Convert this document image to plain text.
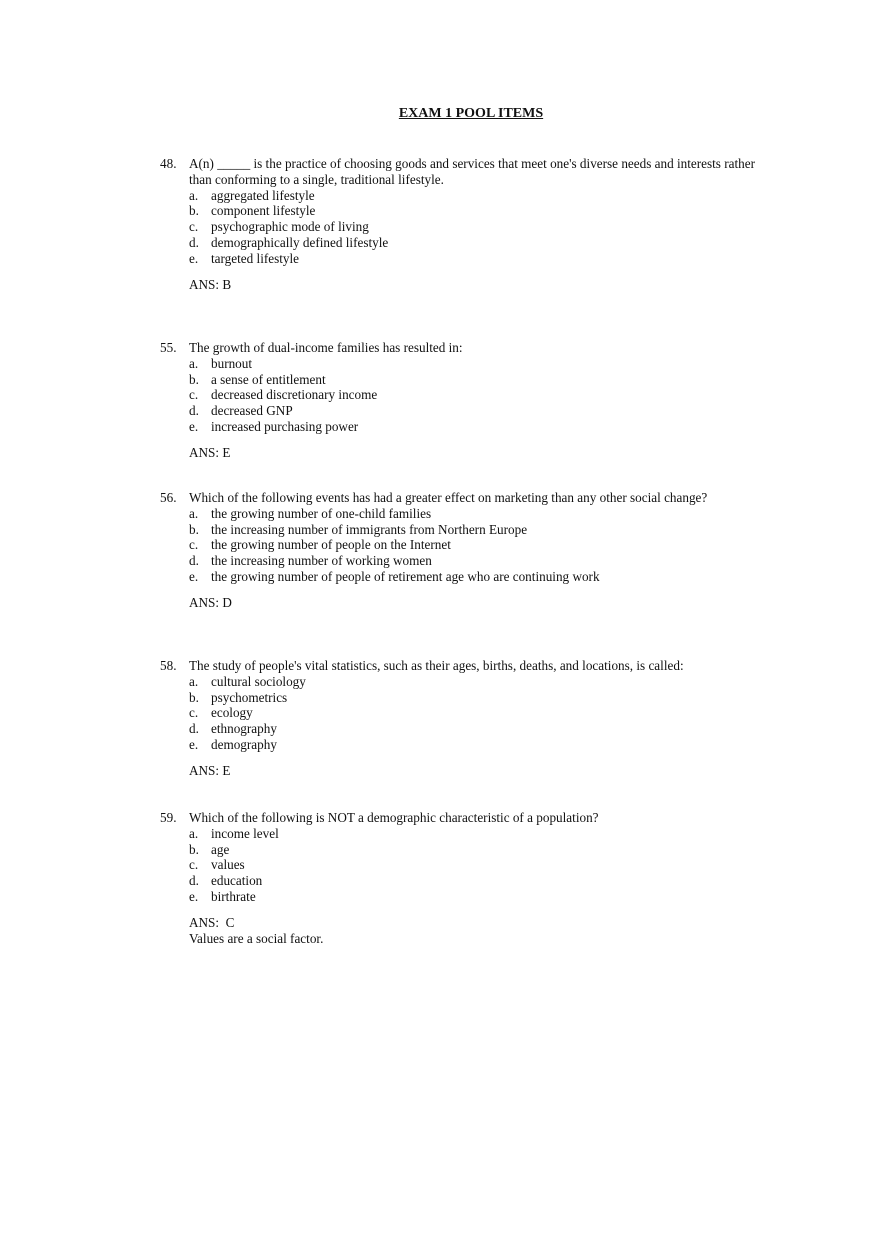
EXAM 1 POOL ITEMS
48. A(n) _____ is the practice of choosing goods and services that meet one's diverse needs and interests rather than conforming to a single, traditional lifestyle.
a. aggregated lifestyle
b. component lifestyle
c. psychographic mode of living
d. demographically defined lifestyle
e. targeted lifestyle
ANS: B
55. The growth of dual-income families has resulted in:
a. burnout
b. a sense of entitlement
c. decreased discretionary income
d. decreased GNP
e. increased purchasing power
ANS: E
56. Which of the following events has had a greater effect on marketing than any other social change?
a. the growing number of one-child families
b. the increasing number of immigrants from Northern Europe
c. the growing number of people on the Internet
d. the increasing number of working women
e. the growing number of people of retirement age who are continuing work
ANS: D
58. The study of people's vital statistics, such as their ages, births, deaths, and locations, is called:
a. cultural sociology
b. psychometrics
c. ecology
d. ethnography
e. demography
ANS: E
59. Which of the following is NOT a demographic characteristic of a population?
a. income level
b. age
c. values
d. education
e. birthrate
ANS:  C
Values are a social factor.
